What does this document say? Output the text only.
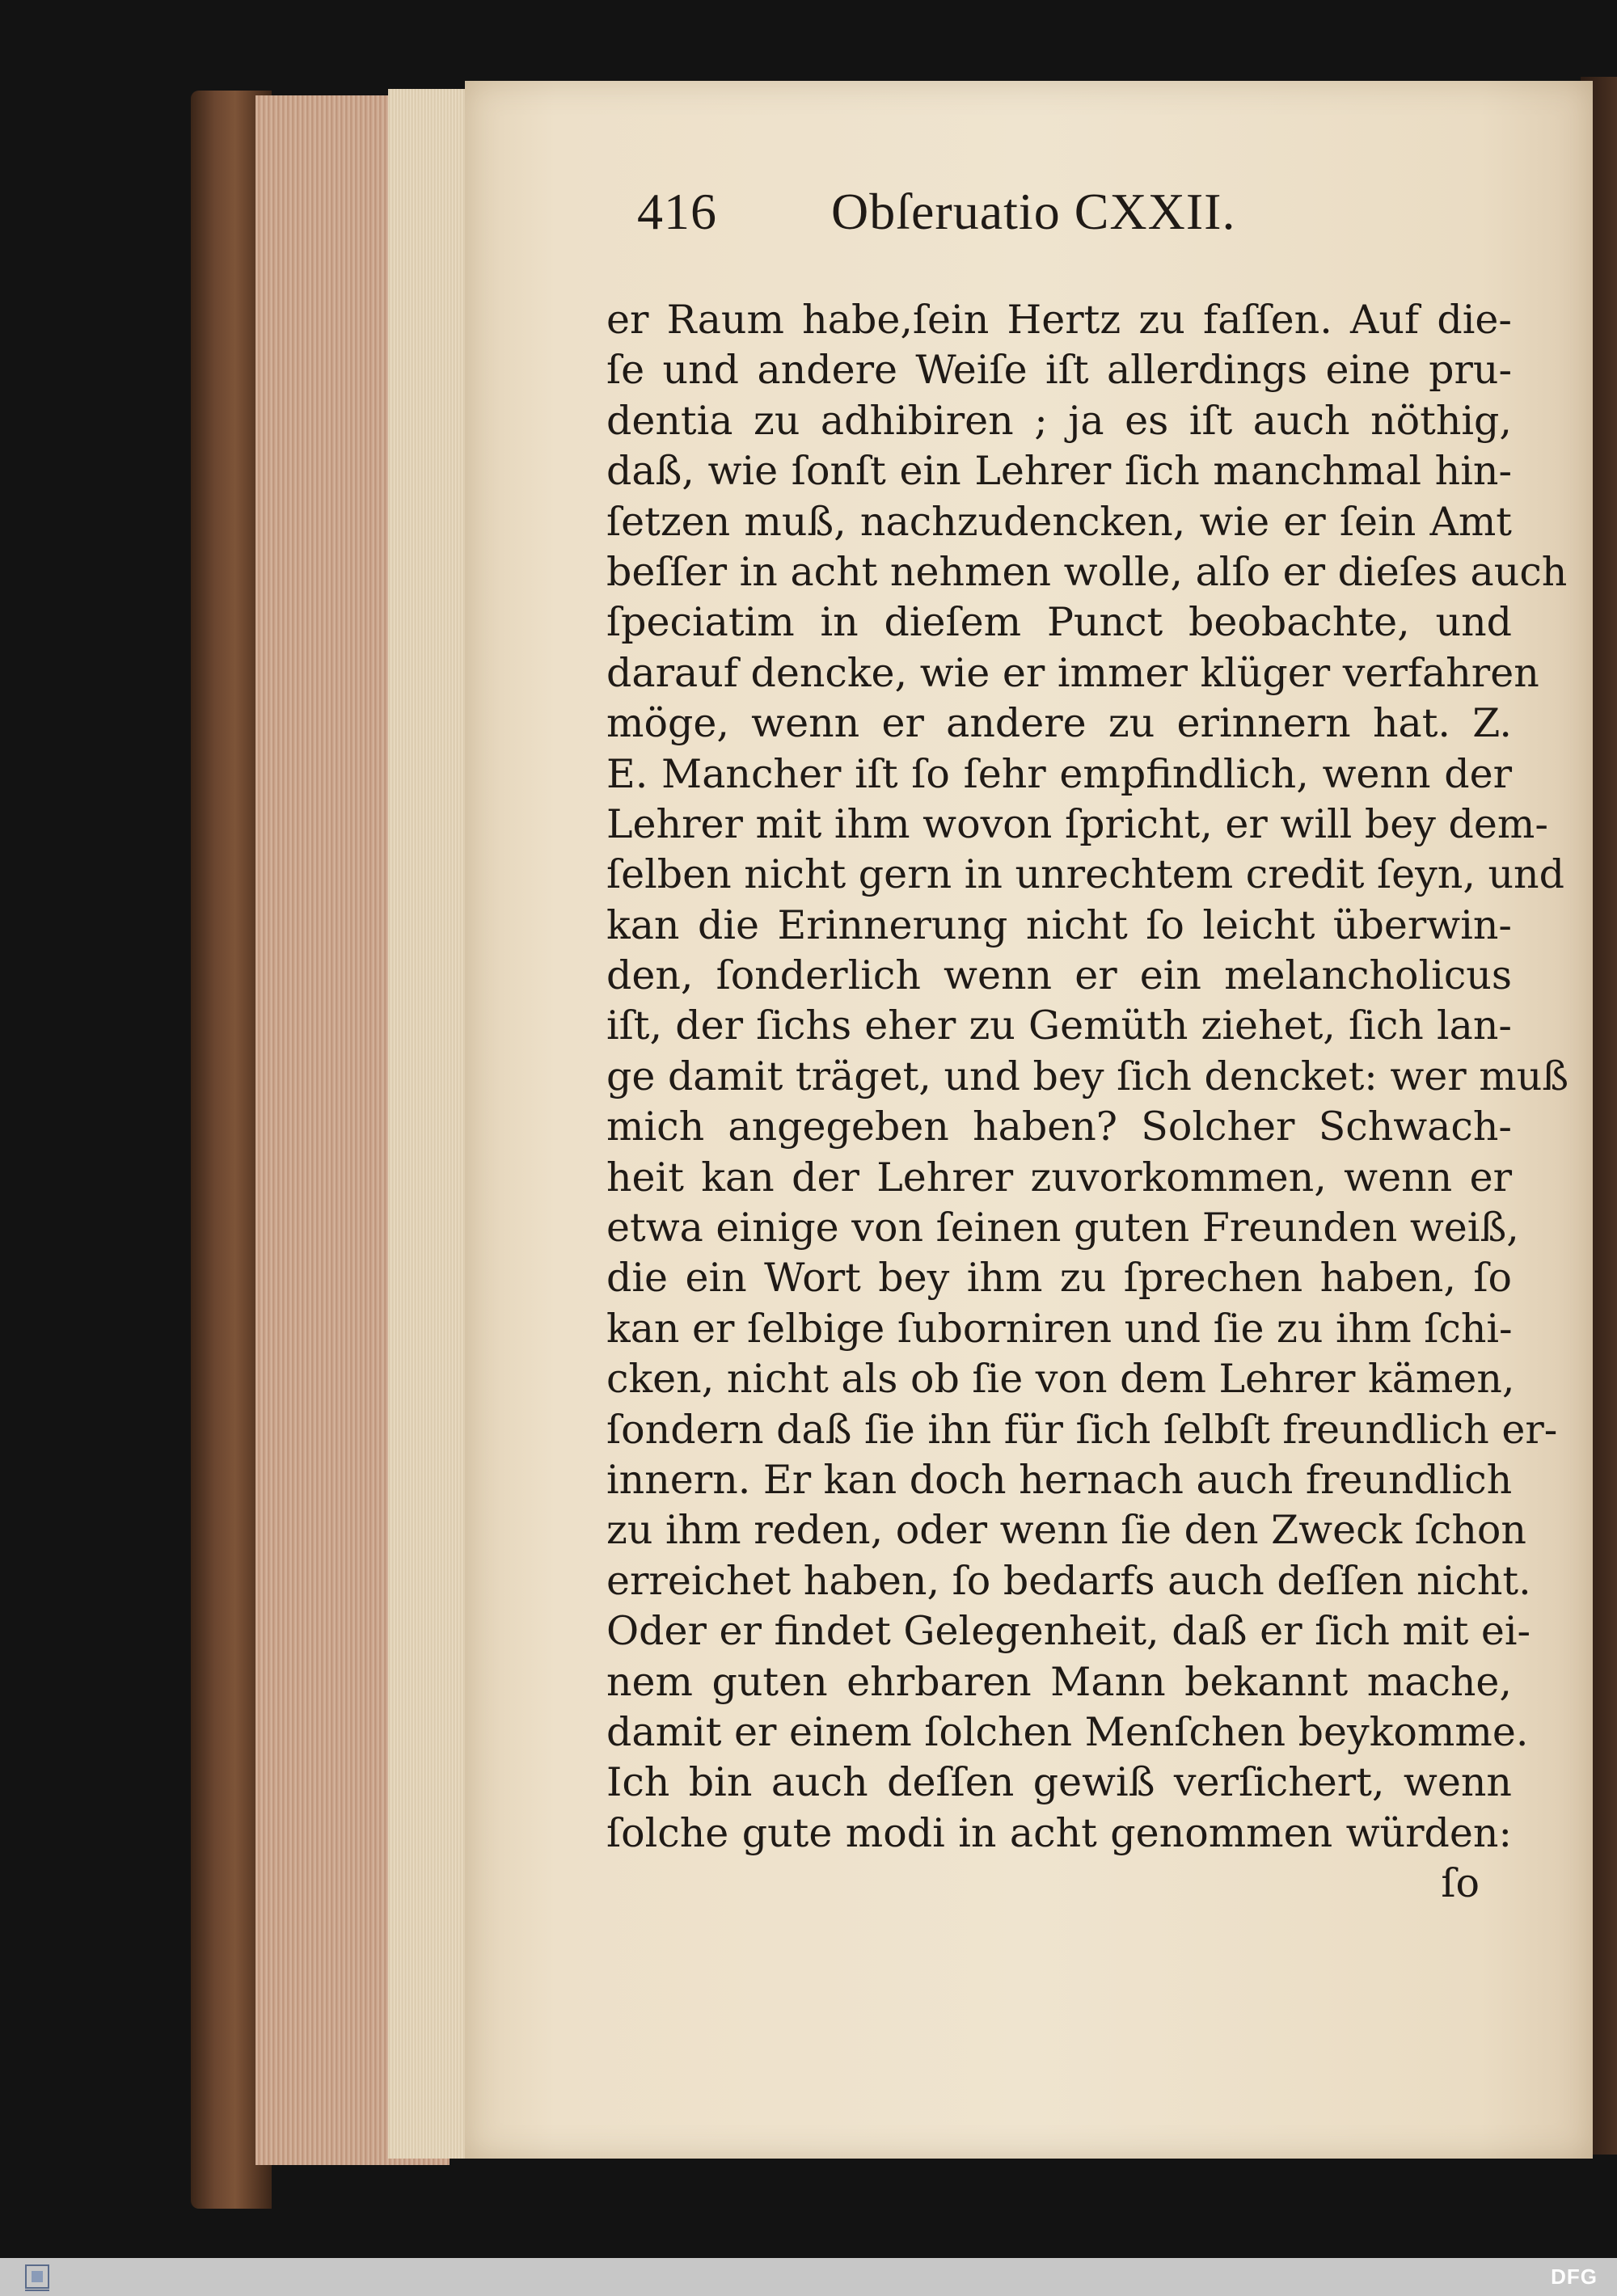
416	Obſeruatio CXXII.
er Raum habe,ſein Hertz zu faſſen. Auf die-
ſe und andere Weiſe iſt allerdings eine pru-
dentia zu adhibiren ; ja es iſt auch nöthig,
daß, wie ſonſt ein Lehrer ſich manchmal hin-
ſetzen muß, nachzudencken, wie er ſein Amt
beſſer in acht nehmen wolle, alſo er dieſes auch
ſpeciatim in dieſem Punct beobachte, und
darauf dencke, wie er immer klüger verfahren
möge, wenn er andere zu erinnern hat. Z.
E. Mancher iſt ſo ſehr empfindlich, wenn der
Lehrer mit ihm wovon ſpricht, er will bey dem-
ſelben nicht gern in unrechtem credit ſeyn, und
kan die Erinnerung nicht ſo leicht überwin-
den, ſonderlich wenn er ein melancholicus
iſt, der ſichs eher zu Gemüth ziehet, ſich lan-
ge damit träget, und bey ſich dencket: wer muß
mich angegeben haben? Solcher Schwach-
heit kan der Lehrer zuvorkommen, wenn er
etwa einige von ſeinen guten Freunden weiß,
die ein Wort bey ihm zu ſprechen haben, ſo
kan er ſelbige ſuborniren und ſie zu ihm ſchi-
cken, nicht als ob ſie von dem Lehrer kämen,
ſondern daß ſie ihn für ſich ſelbſt freundlich er-
innern. Er kan doch hernach auch freundlich
zu ihm reden, oder wenn ſie den Zweck ſchon
erreichet haben, ſo bedarfs auch deſſen nicht.
Oder er findet Gelegenheit, daß er ſich mit ei-
nem guten ehrbaren Mann bekannt mache,
damit er einem ſolchen Menſchen beykomme.
Ich bin auch deſſen gewiß verſichert, wenn
ſolche gute modi in acht genommen würden:
ſo
DFG
